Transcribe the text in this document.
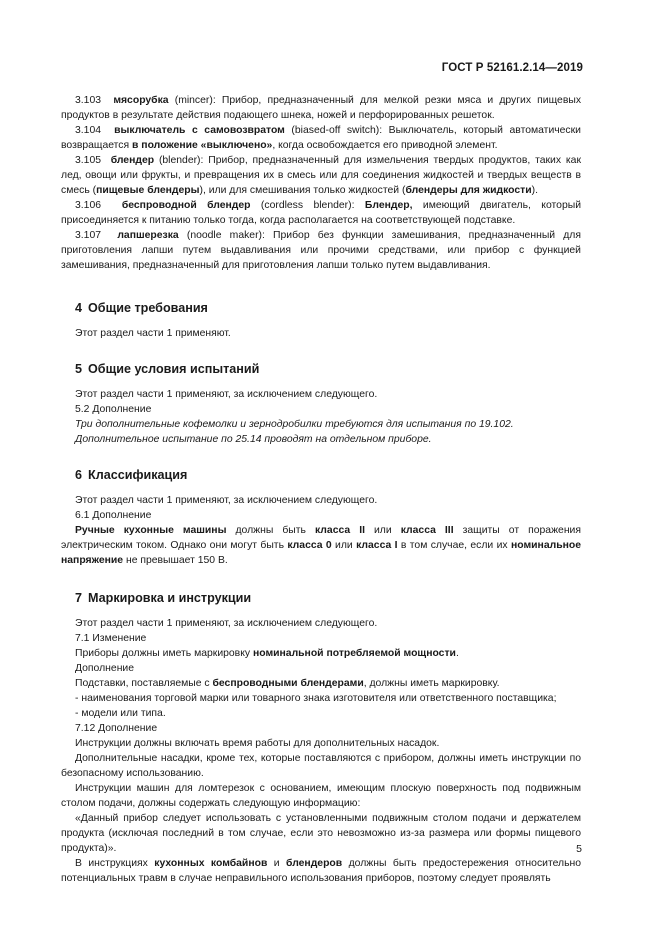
ГОСТ Р 52161.2.14—2019

3.103 мясорубка (mincer): Прибор, предназначенный для мелкой резки мяса и других пищевых продуктов в результате действия подающего шнека, ножей и перфорированных решеток.

3.104 выключатель с самовозвратом (biased-off switch): Выключатель, который автоматически возвращается в положение «выключено», когда освобождается его приводной элемент.

3.105 блендер (blender): Прибор, предназначенный для измельчения твердых продуктов, таких как лед, овощи или фрукты, и превращения их в смесь или для соединения жидкостей и твердых веществ в смесь (пищевые блендеры), или для смешивания только жидкостей (блендеры для жидкости).

3.106 беспроводной блендер (cordless blender): Блендер, имеющий двигатель, который присоединяется к питанию только тогда, когда располагается на соответствующей подставке.

3.107 лапшерезка (noodle maker): Прибор без функции замешивания, предназначенный для приготовления лапши путем выдавливания или прочими средствами, или прибор с функцией замешивания, предназначенный для приготовления лапши только путем выдавливания.

4 Общие требования

Этот раздел части 1 применяют.

5 Общие условия испытаний

Этот раздел части 1 применяют, за исключением следующего.

5.2 Дополнение

Три дополнительные кофемолки и зернодробилки требуются для испытания по 19.102.

Дополнительное испытание по 25.14 проводят на отдельном приборе.

6 Классификация

Этот раздел части 1 применяют, за исключением следующего.

6.1 Дополнение

Ручные кухонные машины должны быть класса II или класса III защиты от поражения электрическим током. Однако они могут быть класса 0 или класса I в том случае, если их номинальное напряжение не превышает 150 В.

7 Маркировка и инструкции

Этот раздел части 1 применяют, за исключением следующего.

7.1 Изменение

Приборы должны иметь маркировку номинальной потребляемой мощности.

Дополнение

Подставки, поставляемые с беспроводными блендерами, должны иметь маркировку.

- наименования торговой марки или товарного знака изготовителя или ответственного поставщика;

- модели или типа.

7.12 Дополнение

Инструкции должны включать время работы для дополнительных насадок.

Дополнительные насадки, кроме тех, которые поставляются с прибором, должны иметь инструкции по безопасному использованию.

Инструкции машин для ломтерезок с основанием, имеющим плоскую поверхность под подвижным столом подачи, должны содержать следующую информацию:

«Данный прибор следует использовать с установленными подвижным столом подачи и держателем продукта (исключая последний в том случае, если это невозможно из-за размера или формы пищевого продукта)».

В инструкциях кухонных комбайнов и блендеров должны быть предостережения относительно потенциальных травм в случае неправильного использования приборов, поэтому следует проявлять

5
